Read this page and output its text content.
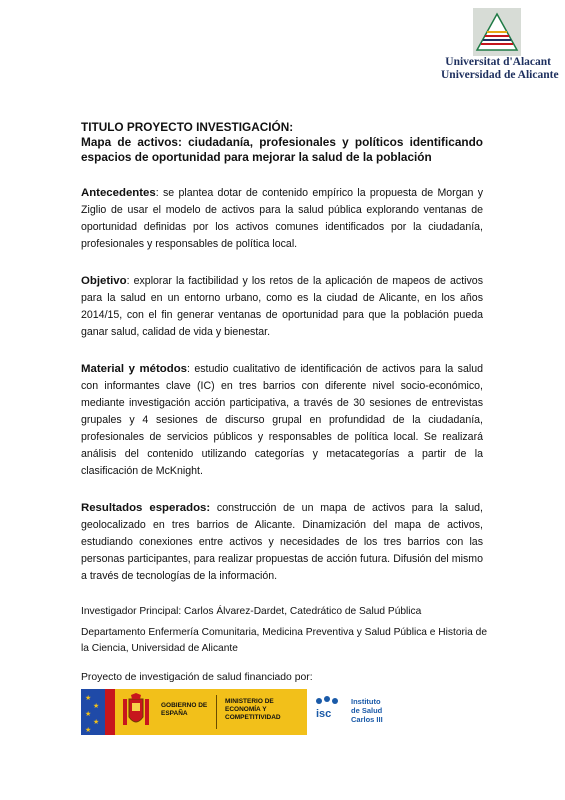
Universitat d'Alacant
Universidad de Alicante

TITULO PROYECTO INVESTIGACIÓN:

Mapa de activos: ciudadanía, profesionales y políticos identificando espacios de oportunidad para mejorar la salud de la población

Antecedentes: se plantea dotar de contenido empírico la propuesta de Morgan y Ziglio de usar el modelo de activos para la salud pública explorando ventanas de oportunidad definidas por los activos comunes identificados por la ciudadanía, profesionales y responsables de política local.
Objetivo: explorar la factibilidad y los retos de la aplicación de mapeos de activos para la salud en un entorno urbano, como es la ciudad de Alicante, en los años 2014/15, con el fin generar ventanas de oportunidad para que la población pueda ganar salud, calidad de vida y bienestar.
Material y métodos: estudio cualitativo de identificación de activos para la salud con informantes clave (IC) en tres barrios con diferente nivel socio-económico, mediante investigación acción participativa, a través de 30 sesiones de entrevistas grupales y 4 sesiones de discurso grupal en profundidad de la ciudadanía, profesionales de servicios públicos y responsables de política local. Se realizará análisis del contenido utilizando categorías y metacategorías a partir de la clasificación de McKnight.
Resultados esperados: construcción de un mapa de activos para la salud, geolocalizado en tres barrios de Alicante. Dinamización del mapa de activos, estudiando conexiones entre activos y necesidades de los tres barrios con las personas participantes, para realizar propuestas de acción futura. Difusión del mismo a través de tecnologías de la información.

Investigador Principal: Carlos Álvarez-Dardet, Catedrático de Salud Pública

Departamento Enfermería Comunitaria, Medicina Preventiva y Salud Pública e Historia de la Ciencia, Universidad de Alicante

Proyecto de investigación de salud financiado por:
★
★
★
★
★
GOBIERNO DE ESPAÑA
MINISTERIO DE ECONOMÍA Y COMPETITIVIDAD	isc
Instituto
de Salud
Carlos III
